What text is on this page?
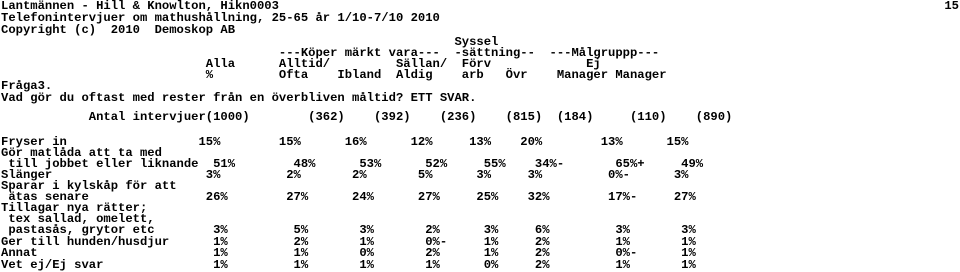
Lantmännen - Hill & Knowlton, Hikn0003	15
Telefonintervjuer om mathushållning, 25-65 år 1/10-7/10 2010
Copyright (c)  2010  Demoskop AB
Syssel
---Köper märkt vara---  -sättning--  ---Målgruppp---
Alla      Alltid/         Sällan/  Förv             Ej
%         Ofta    Ibland  Aldig    arb   Övr    Manager Manager
Fråga3.
Vad gör du oftast med rester från en överbliven måltid? ETT SVAR.
Antal intervjuer(1000)        (362)    (392)    (236)    (815)  (184)     (110)    (890)
Fryser in                  15%        15%      16%      12%     13%    20%        13%      15%
Gör matlåda att ta med
till jobbet eller liknande  51%        48%      53%      52%     55%    34%-       65%+     49%
Slänger                     3%         2%       2%       5%      3%     3%         0%-      3%
Sparar i kylskåp för att
ätas senare                26%        27%      24%      27%     25%    32%        17%-     27%
Tillagar nya rätter;
tex sallad, omelett,
pastasås, grytor etc        3%         5%       3%       2%      3%     6%         3%       3%
Ger till hunden/husdjur      1%         2%       1%       0%-     1%     2%         1%       1%
Annat                        1%         1%       0%       2%      1%     2%         0%-      1%
Vet ej/Ej svar               1%         1%       1%       1%      0%     2%         1%       1%
